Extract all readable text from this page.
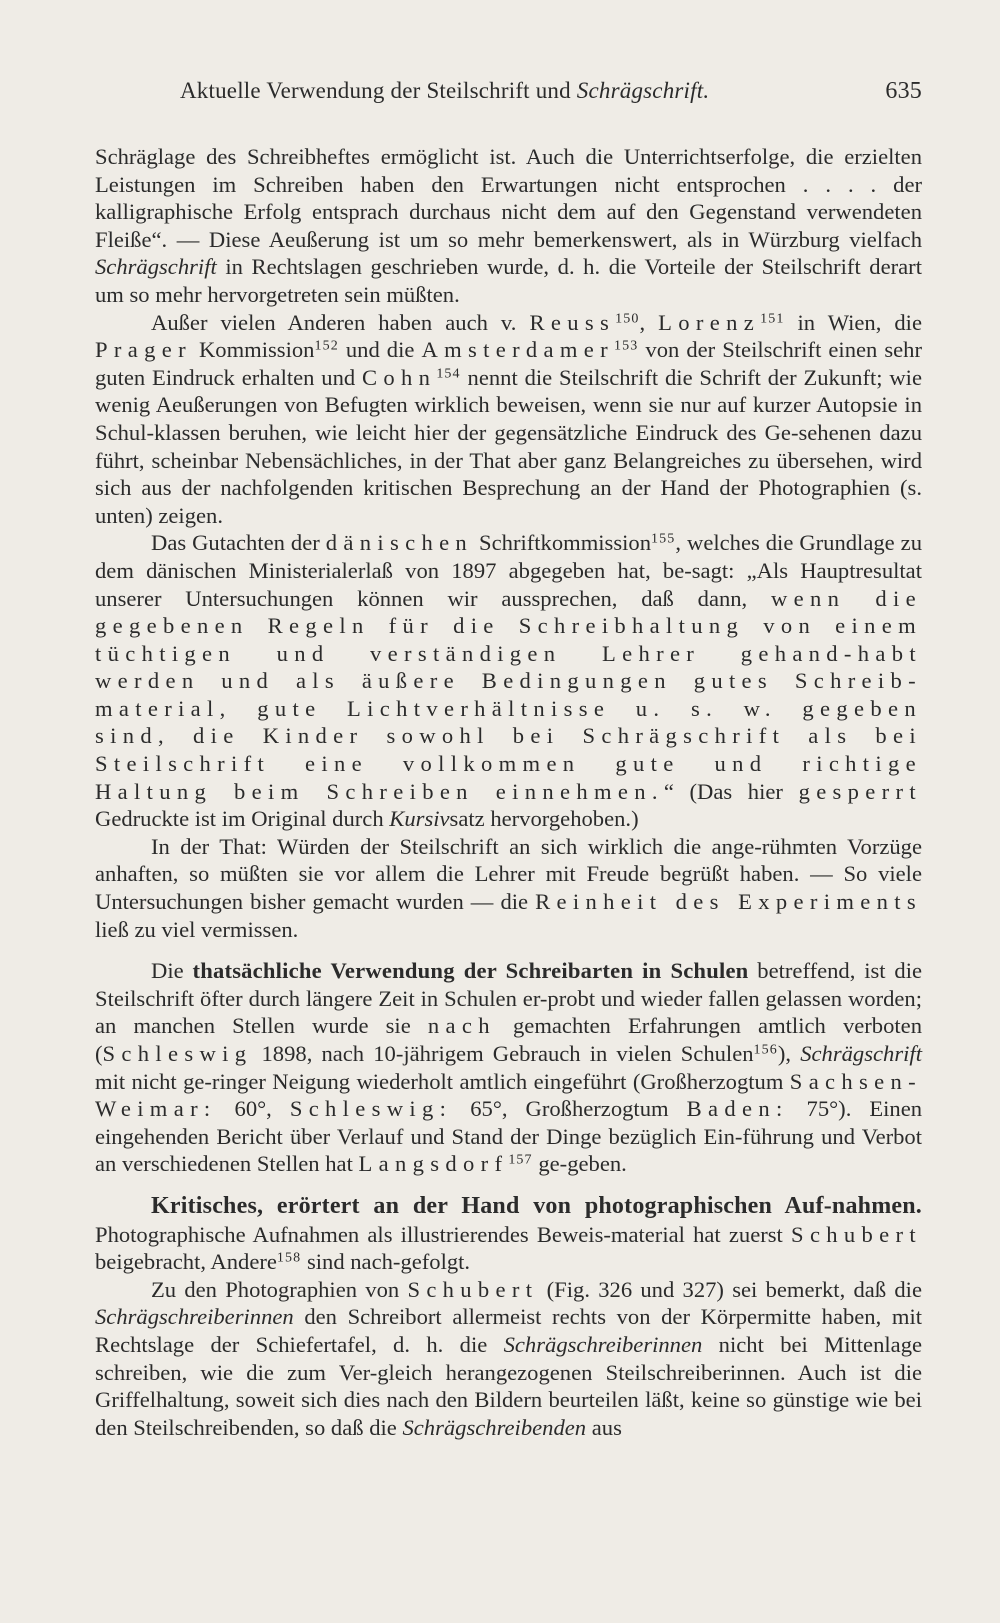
Aktuelle Verwendung der Steilschrift und Schrägschrift.	635

Schräglage des Schreibheftes ermöglicht ist. Auch die Unterrichtserfolge, die erzielten Leistungen im Schreiben haben den Erwartungen nicht entsprochen . . . . der kalligraphische Erfolg entsprach durchaus nicht dem auf den Gegenstand verwendeten Fleiße“. — Diese Aeußerung ist um so mehr bemerkenswert, als in Würzburg vielfach Schrägschrift in Rechtslagen geschrieben wurde, d. h. die Vorteile der Steilschrift derart um so mehr hervorgetreten sein müßten.

Außer vielen Anderen haben auch v. Reuss$^{150}$, Lorenz$^{151}$ in Wien, die Prager Kommission$^{152}$ und die Amsterdamer$^{153}$ von der Steilschrift einen sehr guten Eindruck erhalten und Cohn$^{154}$ nennt die Steilschrift die Schrift der Zukunft; wie wenig Aeußerungen von Befugten wirklich beweisen, wenn sie nur auf kurzer Autopsie in Schul-klassen beruhen, wie leicht hier der gegensätzliche Eindruck des Ge-sehenen dazu führt, scheinbar Nebensächliches, in der That aber ganz Belangreiches zu übersehen, wird sich aus der nachfolgenden kritischen Besprechung an der Hand der Photographien (s. unten) zeigen.

Das Gutachten der dänischen Schriftkommission$^{155}$, welches die Grundlage zu dem dänischen Ministerialerlaß von 1897 abgegeben hat, be-sagt: „Als Hauptresultat unserer Untersuchungen können wir aussprechen, daß dann, wenn die gegebenen Regeln für die Schreibhaltung von einem tüchtigen und verständigen Lehrer gehand-habt werden und als äußere Bedingungen gutes Schreib-material, gute Lichtverhältnisse u. s. w. gegeben sind, die Kinder sowohl bei Schrägschrift als bei Steilschrift eine vollkommen gute und richtige Haltung beim Schreiben einnehmen.“ (Das hier gesperrt Gedruckte ist im Original durch Kursivsatz hervorgehoben.)

In der That: Würden der Steilschrift an sich wirklich die ange-rühmten Vorzüge anhaften, so müßten sie vor allem die Lehrer mit Freude begrüßt haben. — So viele Untersuchungen bisher gemacht wurden — die Reinheit des Experiments ließ zu viel vermissen.

Die thatsächliche Verwendung der Schreibarten in Schulen betreffend, ist die Steilschrift öfter durch längere Zeit in Schulen er-probt und wieder fallen gelassen worden; an manchen Stellen wurde sie nach gemachten Erfahrungen amtlich verboten (Schleswig 1898, nach 10-jährigem Gebrauch in vielen Schulen$^{156}$), Schrägschrift mit nicht ge-ringer Neigung wiederholt amtlich eingeführt (Großherzogtum Sachsen-Weimar: 60°, Schleswig: 65°, Großherzogtum Baden: 75°). Einen eingehenden Bericht über Verlauf und Stand der Dinge bezüglich Ein-führung und Verbot an verschiedenen Stellen hat Langsdorf$^{157}$ ge-geben.

Kritisches, erörtert an der Hand von photographischen Auf-nahmen. Photographische Aufnahmen als illustrierendes Beweis-material hat zuerst Schubert beigebracht, Andere$^{158}$ sind nach-gefolgt.

Zu den Photographien von Schubert (Fig. 326 und 327) sei bemerkt, daß die Schrägschreiberinnen den Schreibort allermeist rechts von der Körpermitte haben, mit Rechtslage der Schiefertafel, d. h. die Schrägschreiberinnen nicht bei Mittenlage schreiben, wie die zum Ver-gleich herangezogenen Steilschreiberinnen. Auch ist die Griffelhaltung, soweit sich dies nach den Bildern beurteilen läßt, keine so günstige wie bei den Steilschreibenden, so daß die Schrägschreibenden aus
